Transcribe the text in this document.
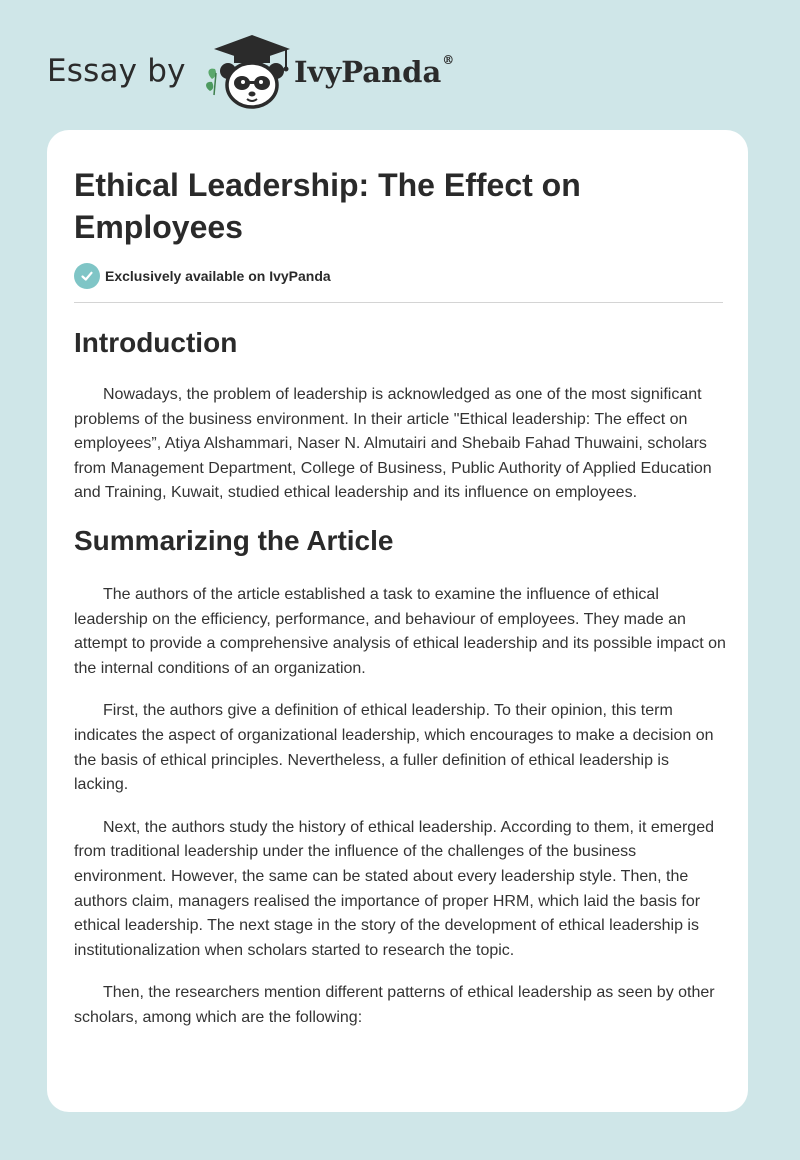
Essay by	IvyPanda®
Ethical Leadership: The Effect on Employees
Exclusively available on IvyPanda
Introduction

Nowadays, the problem of leadership is acknowledged as one of the most significant problems of the business environment. In their article "Ethical leadership: The effect on employees”, Atiya Alshammari, Naser N. Almutairi and Shebaib Fahad Thuwaini, scholars from Management Department, College of Business, Public Authority of Applied Education and Training, Kuwait, studied ethical leadership and its influence on employees.

Summarizing the Article

The authors of the article established a task to examine the influence of ethical leadership on the efficiency, performance, and behaviour of employees. They made an attempt to provide a comprehensive analysis of ethical leadership and its possible impact on the internal conditions of an organization.

First, the authors give a definition of ethical leadership. To their opinion, this term indicates the aspect of organizational leadership, which encourages to make a decision on the basis of ethical principles. Nevertheless, a fuller definition of ethical leadership is lacking.

Next, the authors study the history of ethical leadership. According to them, it emerged from traditional leadership under the influence of the challenges of the business environment. However, the same can be stated about every leadership style. Then, the authors claim, managers realised the importance of proper HRM, which laid the basis for ethical leadership. The next stage in the story of the development of ethical leadership is institutionalization when scholars started to research the topic.

Then, the researchers mention different patterns of ethical leadership as seen by other scholars, among which are the following:
